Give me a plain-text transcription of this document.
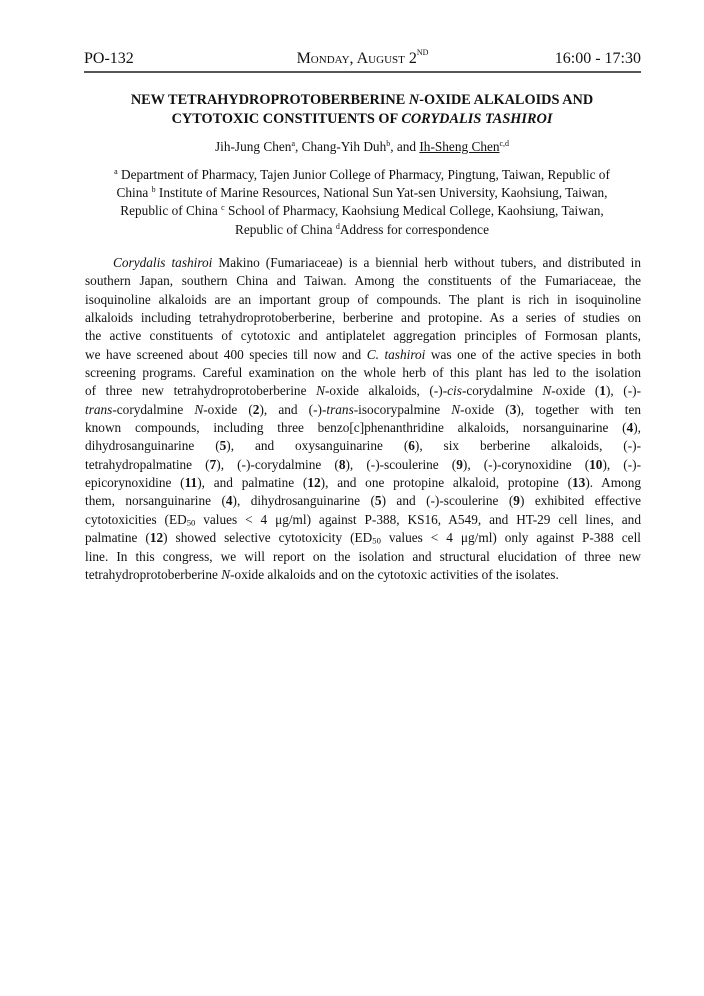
PO-132	Monday, August 2ND	16:00 - 17:30
NEW TETRAHYDROPROTOBERBERINE N-OXIDE ALKALOIDS AND
CYTOTOXIC CONSTITUENTS OF CORYDALIS TASHIROI
Jih-Jung Chen$^a$, Chang-Yih Duh$^b$, and Ih-Sheng Chen$^{c,d}$
$^a$ Department of Pharmacy, Tajen Junior College of Pharmacy, Pingtung, Taiwan, Republic of
China $^b$ Institute of Marine Resources, National Sun Yat-sen University, Kaohsiung, Taiwan,
Republic of China $^c$ School of Pharmacy, Kaohsiung Medical College, Kaohsiung, Taiwan,
Republic of China $^d$Address for correspondence
Corydalis tashiroi Makino (Fumariaceae) is a biennial herb without tubers, and distributed in
southern Japan, southern China and Taiwan. Among the constituents of the Fumariaceae, the
isoquinoline alkaloids are an important group of compounds. The plant is rich in isoquinoline
alkaloids including tetrahydroprotoberberine, berberine and protopine. As a series of studies on
the active constituents of cytotoxic and antiplatelet aggregation principles of Formosan plants,
we have screened about 400 species till now and C. tashiroi was one of the active species in both
screening programs. Careful examination on the whole herb of this plant has led to the isolation
of three new tetrahydroprotoberberine N-oxide alkaloids, (-)-cis-corydalmine N-oxide (1), (-)-
trans-corydalmine N-oxide (2), and (-)-trans-isocorypalmine N-oxide (3), together with ten
known compounds, including three benzo[c]phenanthridine alkaloids, norsanguinarine (4),
dihydrosanguinarine (5), and oxysanguinarine (6), six berberine alkaloids, (-)-
tetrahydropalmatine (7), (-)-corydalmine (8), (-)-scoulerine (9), (-)-corynoxidine (10), (-)-
epicorynoxidine (11), and palmatine (12), and one protopine alkaloid, protopine (13). Among
them, norsanguinarine (4), dihydrosanguinarine (5) and (-)-scoulerine (9) exhibited effective
cytotoxicities ($ED_{50}$ values < 4 μg/ml) against P-388, KS16, A549, and HT-29 cell lines, and
palmatine (12) showed selective cytotoxicity ($ED_{50}$ values < 4 μg/ml) only against P-388 cell
line. In this congress, we will report on the isolation and structural elucidation of three new
tetrahydroprotoberberine N-oxide alkaloids and on the cytotoxic activities of the isolates.
